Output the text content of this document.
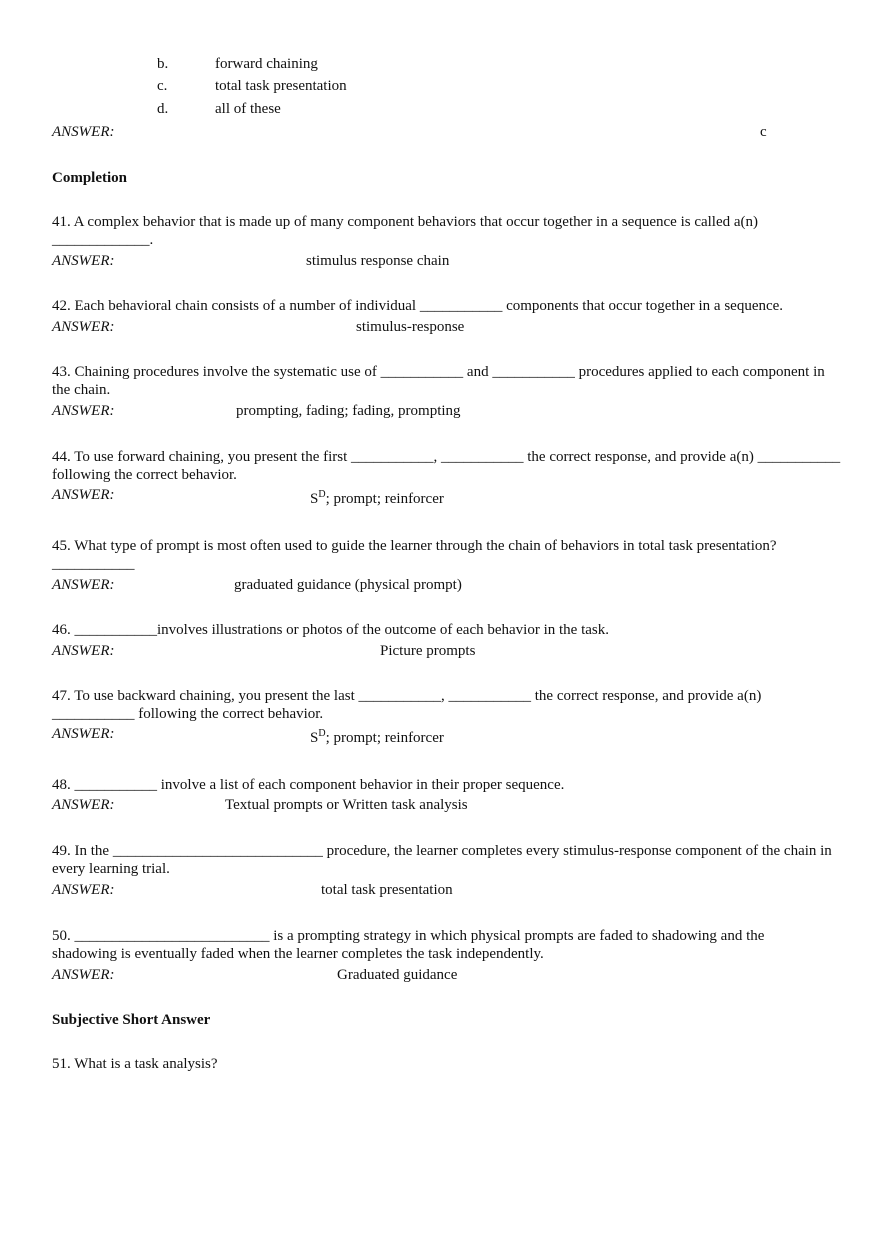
b.	forward chaining
c.	total task presentation
d.	all of these
ANSWER:	c
Completion
41. A complex behavior that is made up of many component behaviors that occur together in a sequence is called a(n) _____________.
ANSWER:	stimulus response chain
42. Each behavioral chain consists of a number of individual ___________ components that occur together in a sequence.
ANSWER:	stimulus-response
43. Chaining procedures involve the systematic use of ___________ and ___________ procedures applied to each component in the chain.
ANSWER:	prompting, fading; fading, prompting
44. To use forward chaining, you present the first ___________, ___________ the correct response, and provide a(n) ___________ following the correct behavior.
ANSWER:	$S^D$; prompt; reinforcer
45. What type of prompt is most often used to guide the learner through the chain of behaviors in total task presentation? ___________
ANSWER:	graduated guidance (physical prompt)
46. ___________involves illustrations or photos of the outcome of each behavior in the task.
ANSWER:	Picture prompts
47. To use backward chaining, you present the last ___________, ___________ the correct response, and provide a(n) ___________ following the correct behavior.
ANSWER:	$S^D$; prompt; reinforcer
48. ___________ involve a list of each component behavior in their proper sequence.
ANSWER:	Textual prompts or Written task analysis
49. In the ____________________________ procedure, the learner completes every stimulus-response component of the chain in every learning trial.
ANSWER:	total task presentation
50. __________________________ is a prompting strategy in which physical prompts are faded to shadowing and the shadowing is eventually faded when the learner completes the task independently.
ANSWER:	Graduated guidance
Subjective Short Answer
51. What is a task analysis?
